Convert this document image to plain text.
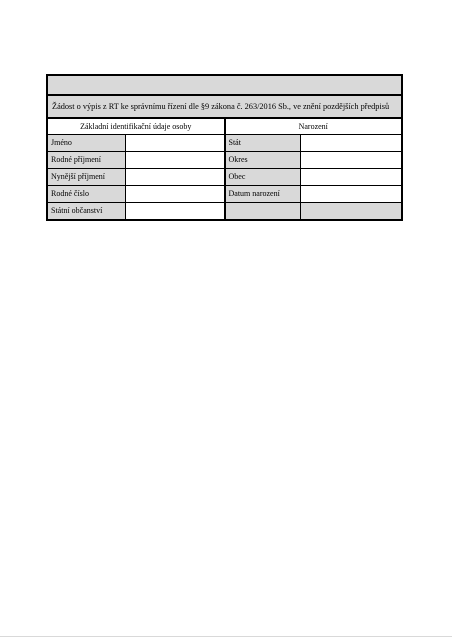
Žádost o výpis z RT ke správnímu řízení dle §9 zákona č. 263/2016 Sb., ve znění pozdějších předpisů
Základní identifikační údaje osoby
Jméno
Rodné příjmení
Nynější příjmení
Rodné číslo
Státní občanství
Narození
Stát
Okres
Obec
Datum narození
